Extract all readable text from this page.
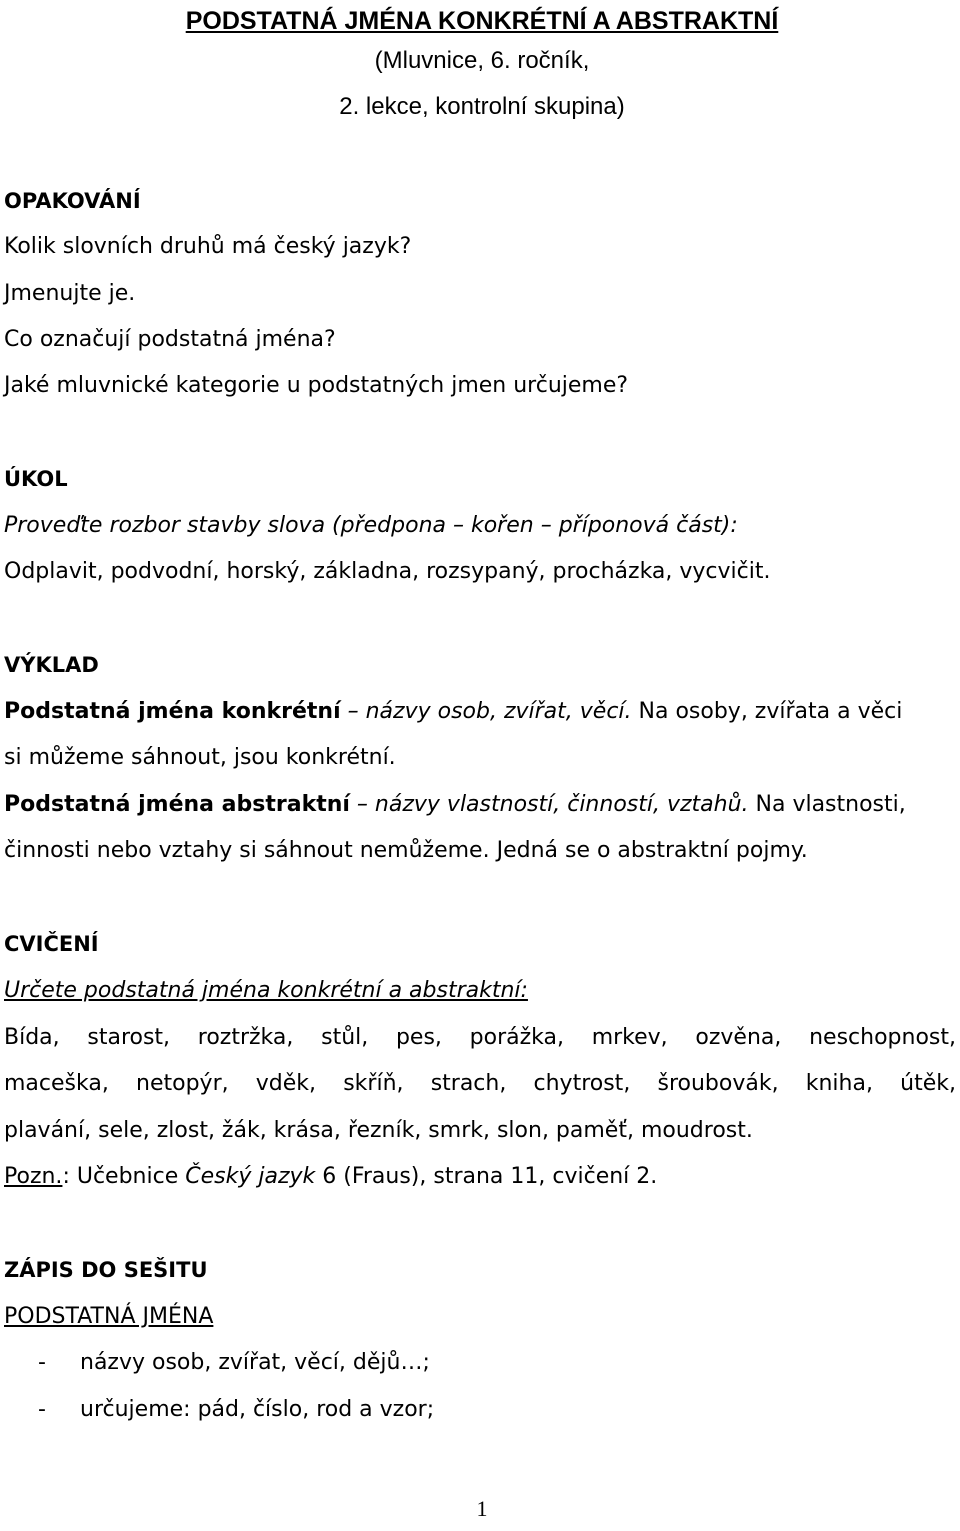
PODSTATNÁ JMÉNA KONKRÉTNÍ A ABSTRAKTNÍ
(Mluvnice, 6. ročník,
2. lekce, kontrolní skupina)
OPAKOVÁNÍ
Kolik slovních druhů má český jazyk?
Jmenujte je.
Co označují podstatná jména?
Jaké mluvnické kategorie u podstatných jmen určujeme?
ÚKOL
Proveďte rozbor stavby slova (předpona – kořen – příponová část):
Odplavit, podvodní, horský, základna, rozsypaný, procházka, vycvičit.
VÝKLAD
Podstatná jména konkrétní – názvy osob, zvířat, věcí. Na osoby, zvířata a věci
si můžeme sáhnout, jsou konkrétní.
Podstatná jména abstraktní – názvy vlastností, činností, vztahů. Na vlastnosti,
činnosti nebo vztahy si sáhnout nemůžeme. Jedná se o abstraktní pojmy.
CVIČENÍ
Určete podstatná jména konkrétní a abstraktní:
Bída, starost, roztržka, stůl, pes, porážka, mrkev, ozvěna, neschopnost,
maceška, netopýr, vděk, skříň, strach, chytrost, šroubovák, kniha, útěk,
plavání, sele, zlost, žák, krása, řezník, smrk, slon, paměť, moudrost.
Pozn.: Učebnice Český jazyk 6 (Fraus), strana 11, cvičení 2.
ZÁPIS DO SEŠITU
PODSTATNÁ JMÉNA
- názvy osob, zvířat, věcí, dějů…;
- určujeme: pád, číslo, rod a vzor;
1
